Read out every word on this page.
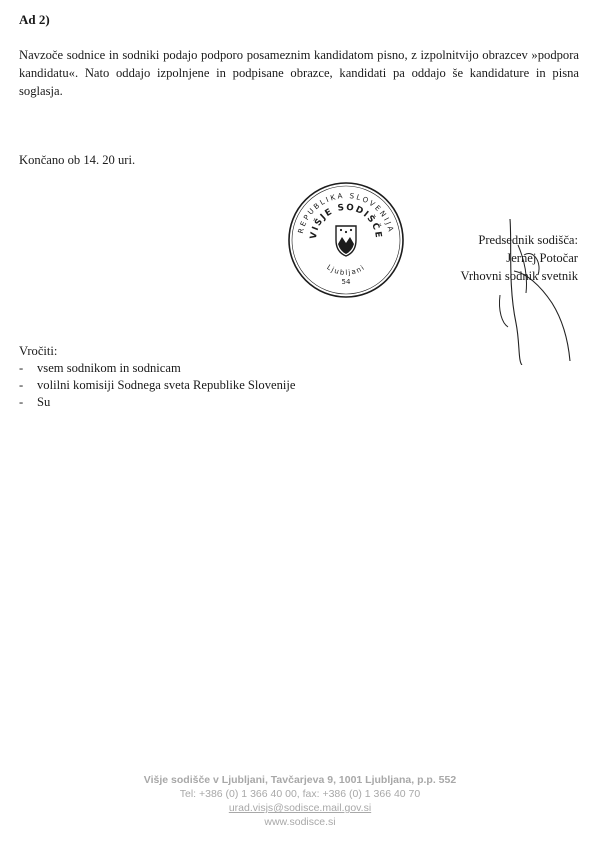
Ad 2)
Navzoče sodnice in sodniki podajo podporo posameznim kandidatom pisno, z izpolnitvijo obrazcev »podpora kandidatu«. Nato oddajo izpolnjene in podpisane obrazce, kandidati pa oddajo še kandidature in pisna soglasja.
Končano ob 14. 20 uri.
REPUBLIKA SLOVENIJA
VIŠJE SODIŠČE
Ljubljani
54
Predsednik sodišča:
Jernej Potočar
Vrhovni sodnik svetnik
Vročiti:
- vsem sodnikom in sodnicam
- volilni komisiji Sodnega sveta Republike Slovenije
- Su
Višje sodišče v Ljubljani, Tavčarjeva 9, 1001 Ljubljana, p.p. 552
Tel: +386 (0) 1 366 40 00, fax: +386 (0) 1 366 40 70
urad.visjs@sodisce.mail.gov.si
www.sodisce.si
